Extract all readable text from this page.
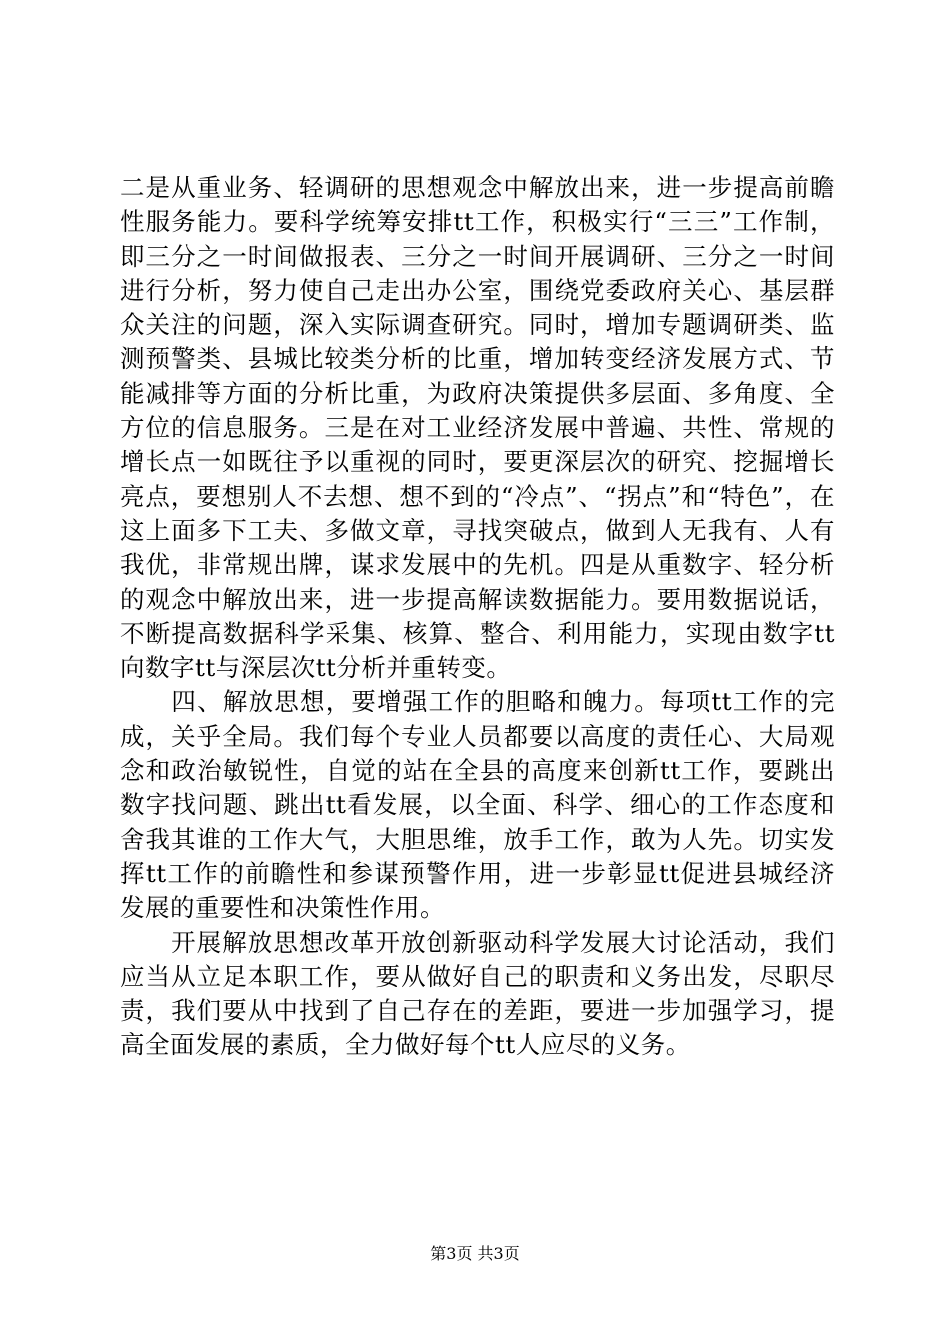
二是从重业务、轻调研的思想观念中解放出来，进一步提高前瞻性服务能力。要科学统筹安排tt工作，积极实行“三三”工作制，即三分之一时间做报表、三分之一时间开展调研、三分之一时间进行分析，努力使自己走出办公室，围绕党委政府关心、基层群众关注的问题，深入实际调查研究。同时，增加专题调研类、监测预警类、县城比较类分析的比重，增加转变经济发展方式、节能减排等方面的分析比重，为政府决策提供多层面、多角度、全方位的信息服务。三是在对工业经济发展中普遍、共性、常规的增长点一如既往予以重视的同时，要更深层次的研究、挖掘增长亮点，要想别人不去想、想不到的“冷点”、“拐点”和“特色”，在这上面多下工夫、多做文章，寻找突破点，做到人无我有、人有我优，非常规出牌，谋求发展中的先机。四是从重数字、轻分析的观念中解放出来，进一步提高解读数据能力。要用数据说话，不断提高数据科学采集、核算、整合、利用能力，实现由数字tt向数字tt与深层次tt分析并重转变。

　　四、解放思想，要增强工作的胆略和魄力。每项tt工作的完成，关乎全局。我们每个专业人员都要以高度的责任心、大局观念和政治敏锐性，自觉的站在全县的高度来创新tt工作，要跳出数字找问题、跳出tt看发展，以全面、科学、细心的工作态度和舍我其谁的工作大气，大胆思维，放手工作，敢为人先。切实发挥tt工作的前瞻性和参谋预警作用，进一步彰显tt促进县城经济发展的重要性和决策性作用。

　　开展解放思想改革开放创新驱动科学发展大讨论活动，我们应当从立足本职工作，要从做好自己的职责和义务出发，尽职尽责，我们要从中找到了自己存在的差距，要进一步加强学习，提高全面发展的素质，全力做好每个tt人应尽的义务。

第3页 共3页
